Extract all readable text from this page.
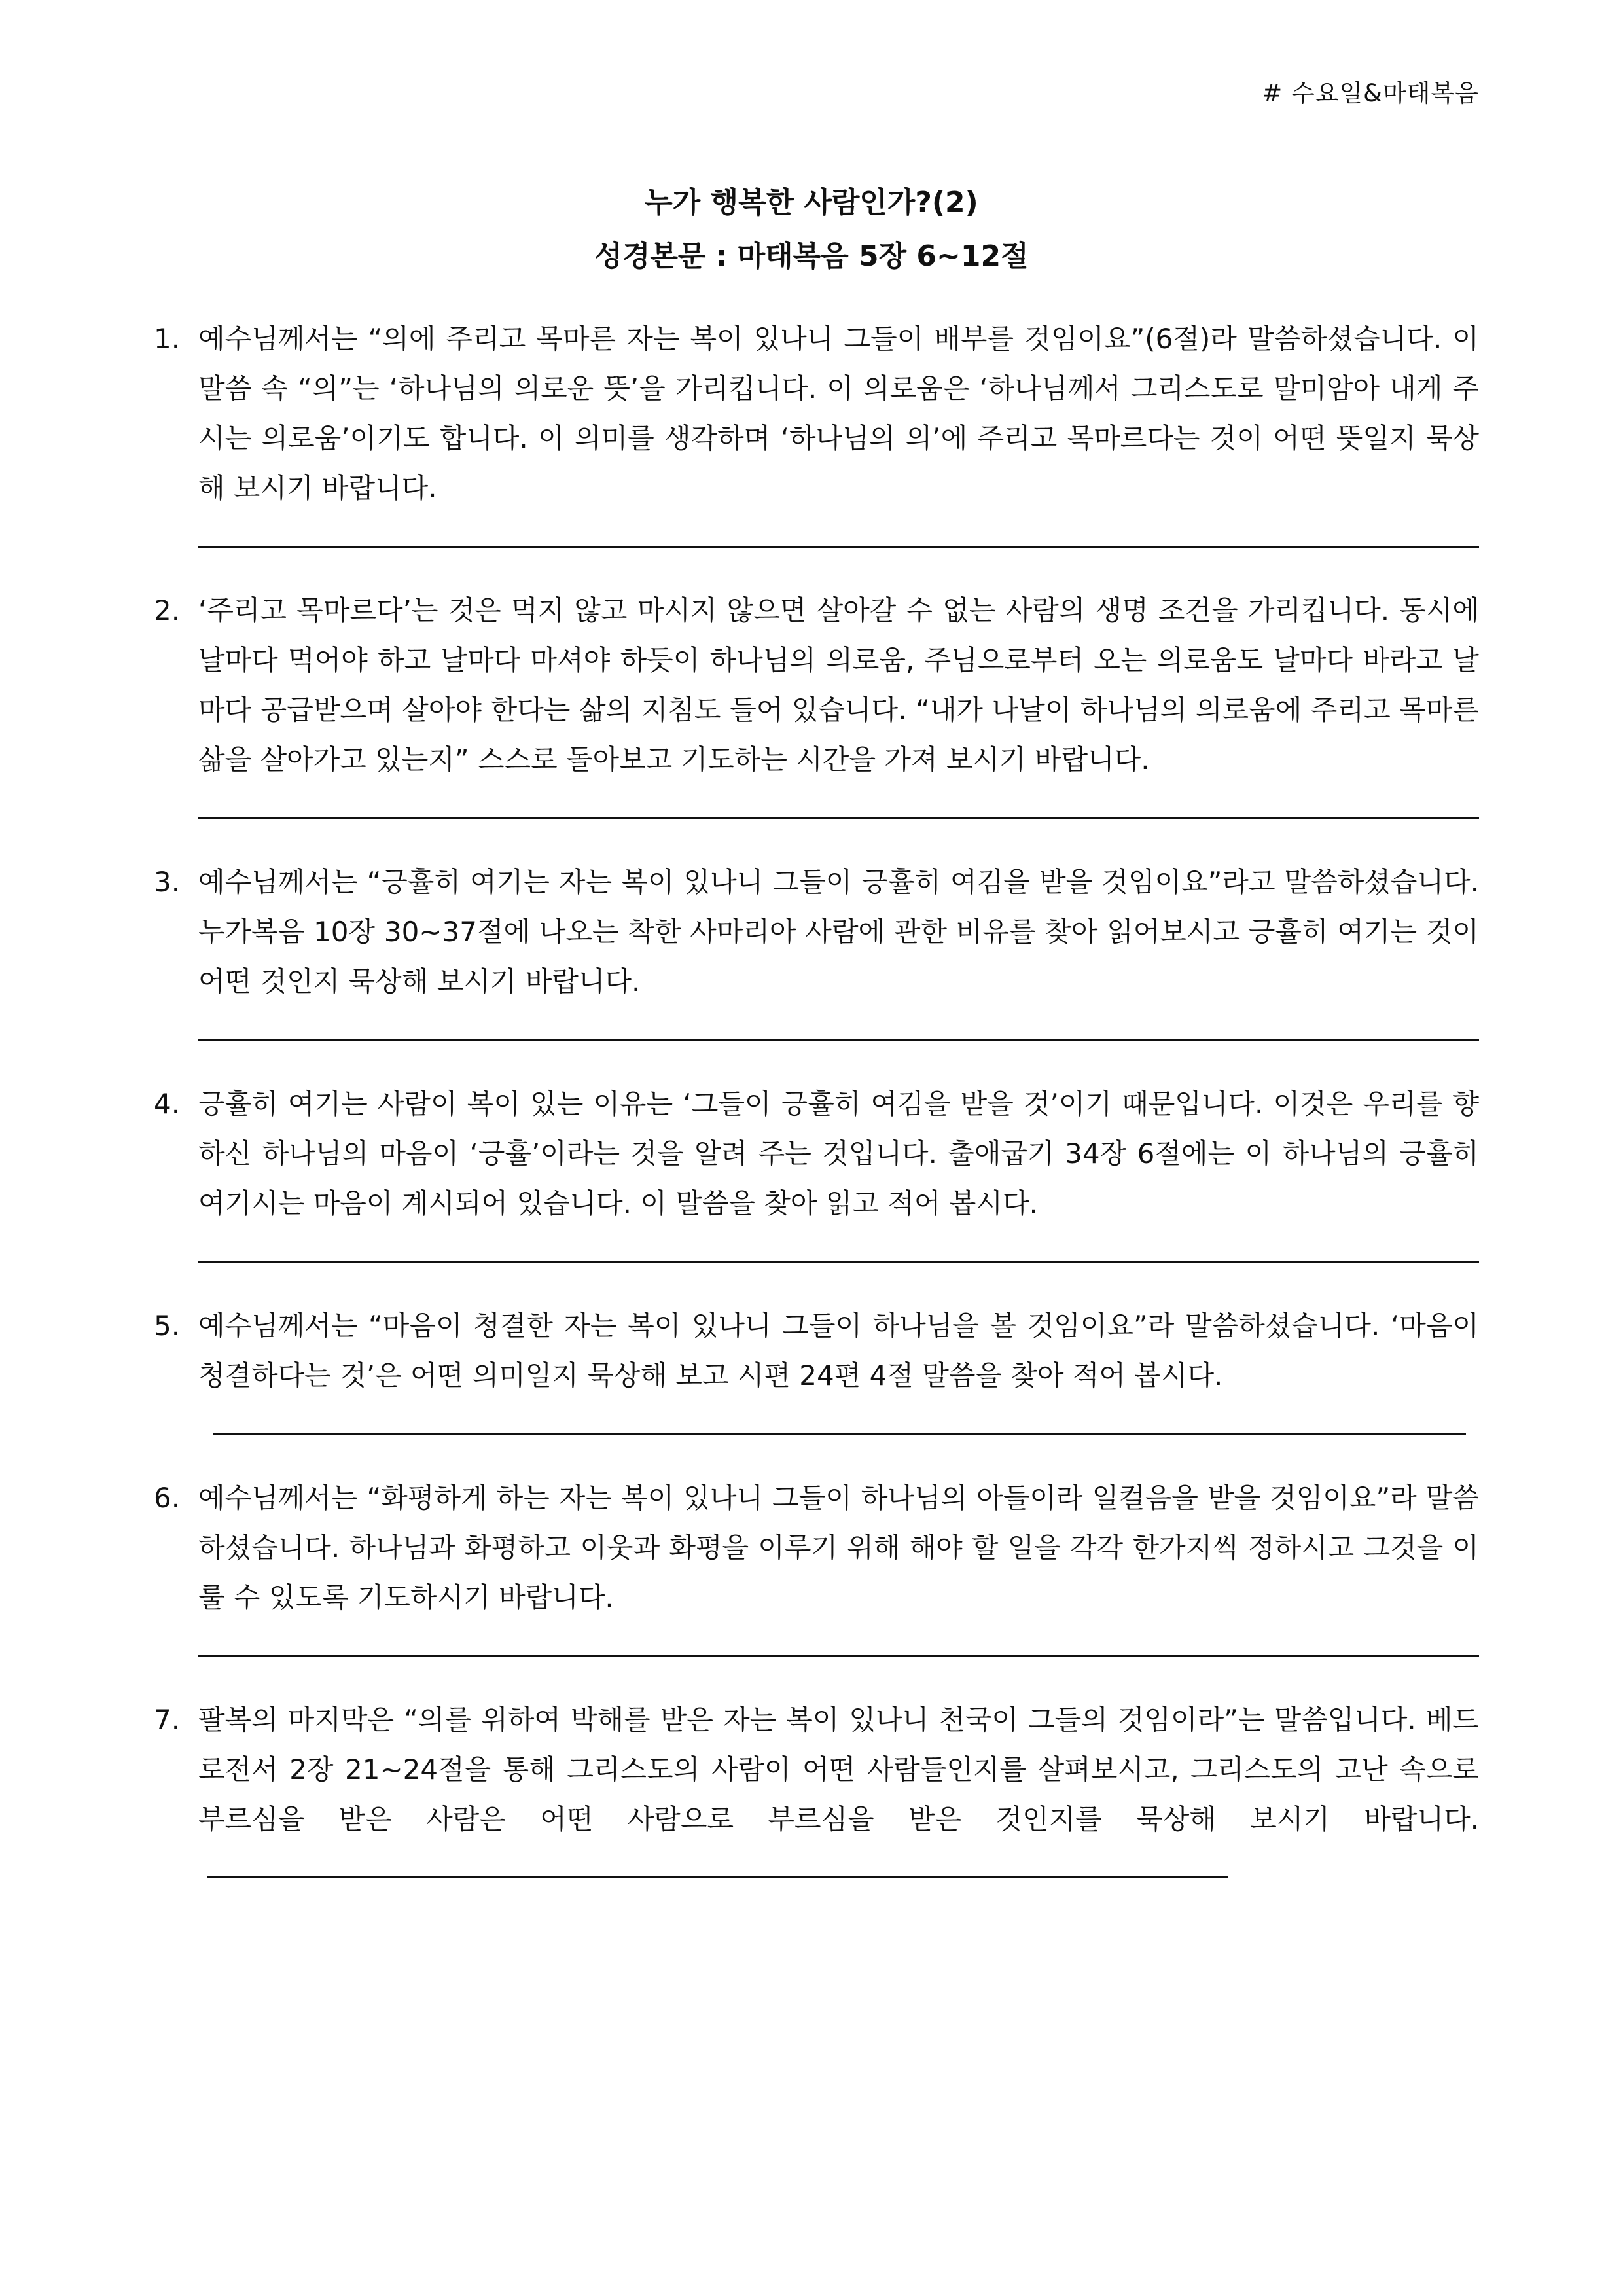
# 수요일&마태복음
누가 행복한 사람인가?(2)
성경본문 : 마태복음 5장 6~12절
1. 예수님께서는 “의에 주리고 목마른 자는 복이 있나니 그들이 배부를 것임이요”(6절)라 말씀하셨습니다. 이 말씀 속 “의”는 ‘하나님의 의로운 뜻’을 가리킵니다. 이 의로움은 ‘하나님께서 그리스도로 말미암아 내게 주시는 의로움’이기도 합니다. 이 의미를 생각하며 ‘하나님의 의’에 주리고 목마르다는 것이 어떤 뜻일지 묵상해 보시기 바랍니다.
2. ‘주리고 목마르다’는 것은 먹지 않고 마시지 않으면 살아갈 수 없는 사람의 생명 조건을 가리킵니다. 동시에 날마다 먹어야 하고 날마다 마셔야 하듯이 하나님의 의로움, 주님으로부터 오는 의로움도 날마다 바라고 날마다 공급받으며 살아야 한다는 삶의 지침도 들어 있습니다. “내가 나날이 하나님의 의로움에 주리고 목마른 삶을 살아가고 있는지” 스스로 돌아보고 기도하는 시간을 가져 보시기 바랍니다.
3. 예수님께서는 “긍휼히 여기는 자는 복이 있나니 그들이 긍휼히 여김을 받을 것임이요”라고 말씀하셨습니다. 누가복음 10장 30~37절에 나오는 착한 사마리아 사람에 관한 비유를 찾아 읽어보시고 긍휼히 여기는 것이 어떤 것인지 묵상해 보시기 바랍니다.
4. 긍휼히 여기는 사람이 복이 있는 이유는 ‘그들이 긍휼히 여김을 받을 것’이기 때문입니다. 이것은 우리를 향하신 하나님의 마음이 ‘긍휼’이라는 것을 알려 주는 것입니다. 출애굽기 34장 6절에는 이 하나님의 긍휼히 여기시는 마음이 계시되어 있습니다. 이 말씀을 찾아 읽고 적어 봅시다.
5. 예수님께서는 “마음이 청결한 자는 복이 있나니 그들이 하나님을 볼 것임이요”라 말씀하셨습니다. ‘마음이 청결하다는 것’은 어떤 의미일지 묵상해 보고 시편 24편 4절 말씀을 찾아 적어 봅시다.
6. 예수님께서는 “화평하게 하는 자는 복이 있나니 그들이 하나님의 아들이라 일컬음을 받을 것임이요”라 말씀하셨습니다. 하나님과 화평하고 이웃과 화평을 이루기 위해 해야 할 일을 각각 한가지씩 정하시고 그것을 이룰 수 있도록 기도하시기 바랍니다.
7. 팔복의 마지막은 “의를 위하여 박해를 받은 자는 복이 있나니 천국이 그들의 것임이라”는 말씀입니다. 베드로전서 2장 21~24절을 통해 그리스도의 사람이 어떤 사람들인지를 살펴보시고, 그리스도의 고난 속으로 부르심을 받은 사람은 어떤 사람으로 부르심을 받은 것인지를 묵상해 보시기 바랍니다.
